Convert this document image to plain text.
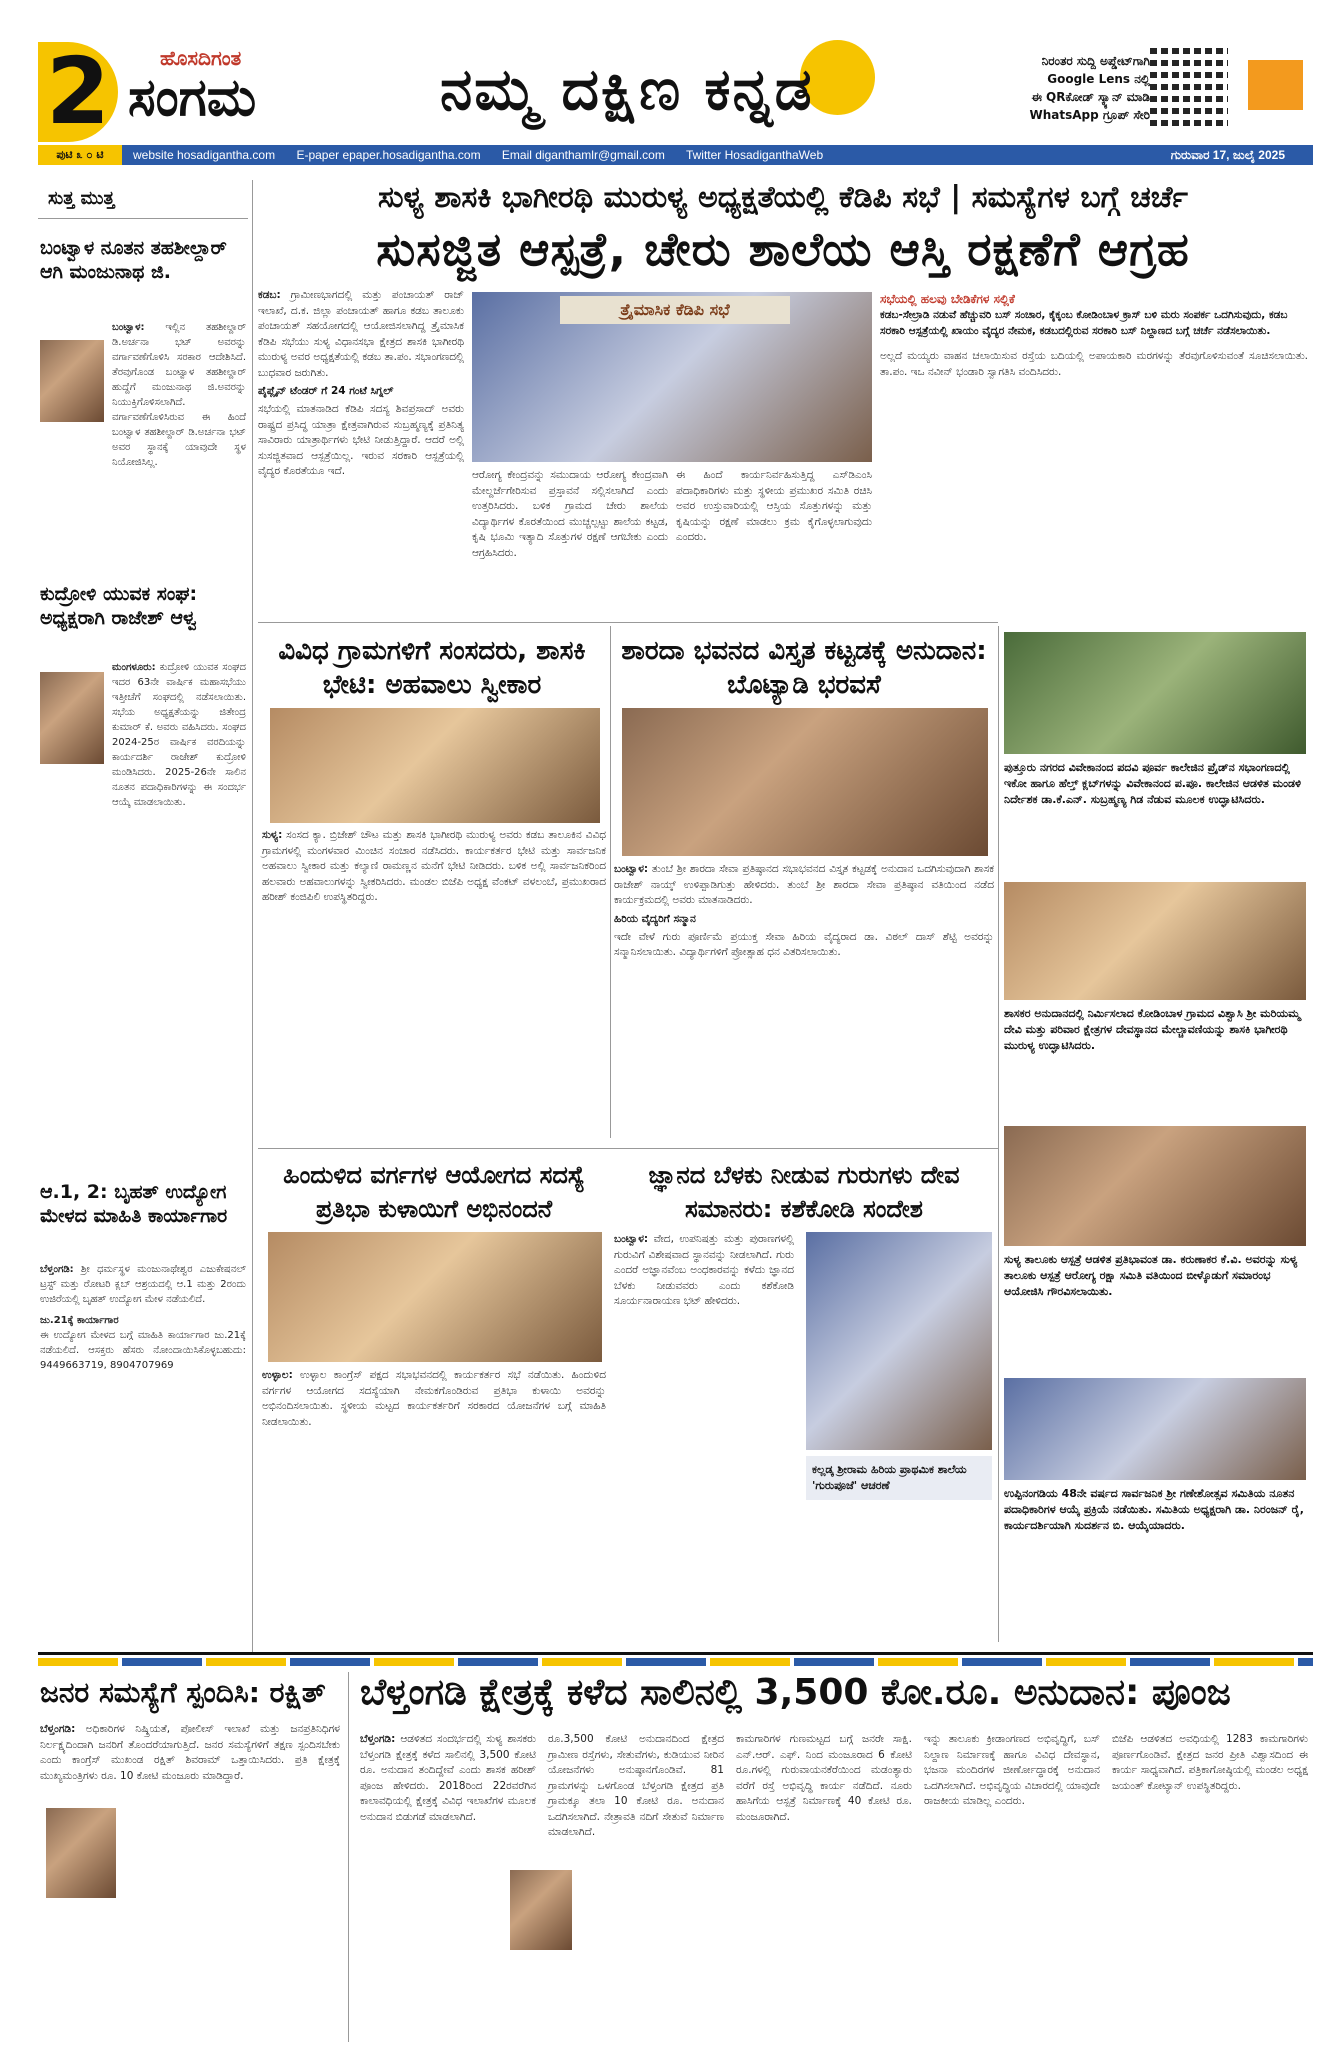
2	ಹೊಸದಿಗಂತ
ಸಂಗಮ	ನಮ್ಮ ದಕ್ಷಿಣ ಕನ್ನಡ	ನಿರಂತರ ಸುದ್ದಿ ಅಪ್ಡೇಟ್‌ಗಾಗಿ
Google Lens ನಲ್ಲಿ
ಈ QRಕೋಡ್ ಸ್ಕ್ಯಾನ್ ಮಾಡಿ
WhatsApp ಗ್ರೂಪ್ ಸೇರಿ
website hosadigantha.com E-paper epaper.hosadigantha.com Email diganthamlr@gmail.com Twitter HosadiganthaWeb	ಗುರುವಾರ 17, ಜುಲೈ 2025
ಪುಟಿ ೩ ೦ ಟಿ
ಸುತ್ತ ಮುತ್ತ
ಬಂಟ್ವಾಳ ನೂತನ ತಹಶೀಲ್ದಾರ್ ಆಗಿ ಮಂಜುನಾಥ ಜಿ.
ಬಂಟ್ವಾಳ: ಇಲ್ಲಿನ ತಹಶೀಲ್ದಾರ್ ಡಿ.ಅರ್ಚನಾ ಭಟ್ ಅವರನ್ನು ವರ್ಗಾವಣೆಗೊಳಿಸಿ ಸರಕಾರ ಆದೇಶಿಸಿದೆ. ತೆರವುಗೊಂಡ ಬಂಟ್ವಾಳ ತಹಶೀಲ್ದಾರ್ ಹುದ್ದೆಗೆ ಮಂಜುನಾಥ ಜಿ.ಅವರನ್ನು ನಿಯುಕ್ತಿಗೊಳಿಸಲಾಗಿದೆ. ವರ್ಗಾವಣೆಗೊಳಿಸಿರುವ ಈ ಹಿಂದೆ ಬಂಟ್ವಾಳ ತಹಶೀಲ್ದಾರ್ ಡಿ.ಅರ್ಚನಾ ಭಟ್ ಅವರ ಸ್ಥಾನಕ್ಕೆ ಯಾವುದೇ ಸ್ಥಳ ನಿಯೋಜಿಸಿಲ್ಲ.
ಕುದ್ರೋಳಿ ಯುವಕ ಸಂಘ: ಅಧ್ಯಕ್ಷರಾಗಿ ರಾಜೇಶ್ ಆಳ್ವ
ಮಂಗಳೂರು: ಕುದ್ರೋಳಿ ಯುವಕ ಸಂಘದ ಇದರ 63ನೇ ವಾರ್ಷಿಕ ಮಹಾಸಭೆಯು ಇತ್ತೀಚೆಗೆ ಸಂಘದಲ್ಲಿ ನಡೆಸಲಾಯಿತು. ಸಭೆಯ ಅಧ್ಯಕ್ಷತೆಯನ್ನು ಜಿತೇಂದ್ರ ಕುಮಾರ್ ಕೆ. ಅವರು ವಹಿಸಿದರು. ಸಂಘದ 2024-25ರ ವಾರ್ಷಿಕ ವರದಿಯನ್ನು ಕಾರ್ಯದರ್ಶಿ ರಾಜೇಶ್ ಕುದ್ರೋಳಿ ಮಂಡಿಸಿದರು. 2025-26ನೇ ಸಾಲಿನ ನೂತನ ಪದಾಧಿಕಾರಿಗಳನ್ನು ಈ ಸಂದರ್ಭ ಆಯ್ಕೆ ಮಾಡಲಾಯಿತು.
ಆ.1, 2: ಬೃಹತ್ ಉದ್ಯೋಗ ಮೇಳದ ಮಾಹಿತಿ ಕಾರ್ಯಾಗಾರ
ಬೆಳ್ತಂಗಡಿ: ಶ್ರೀ ಧರ್ಮಸ್ಥಳ ಮಂಜುನಾಥೇಶ್ವರ ಎಜುಕೇಷನಲ್ ಟ್ರಸ್ಟ್ ಮತ್ತು ರೋಟರಿ ಕ್ಲಬ್ ಆಶ್ರಯದಲ್ಲಿ ಆ.1 ಮತ್ತು 2ರಂದು ಉಜಿರೆಯಲ್ಲಿ ಬೃಹತ್ ಉದ್ಯೋಗ ಮೇಳ ನಡೆಯಲಿದೆ.
ಜು.21ಕ್ಕೆ ಕಾರ್ಯಾಗಾರ
ಈ ಉದ್ಯೋಗ ಮೇಳದ ಬಗ್ಗೆ ಮಾಹಿತಿ ಕಾರ್ಯಾಗಾರ ಜು.21ಕ್ಕೆ ನಡೆಯಲಿದೆ. ಆಸಕ್ತರು ಹೆಸರು ನೋಂದಾಯಿಸಿಕೊಳ್ಳಬಹುದು: 9449663719, 8904707969
ಸುಳ್ಯ ಶಾಸಕಿ ಭಾಗೀರಥಿ ಮುರುಳ್ಯ ಅಧ್ಯಕ್ಷತೆಯಲ್ಲಿ ಕೆಡಿಪಿ ಸಭೆ | ಸಮಸ್ಯೆಗಳ ಬಗ್ಗೆ ಚರ್ಚೆ
ಸುಸಜ್ಜಿತ ಆಸ್ಪತ್ರೆ, ಚೇರು ಶಾಲೆಯ ಆಸ್ತಿ ರಕ್ಷಣೆಗೆ ಆಗ್ರಹ
ಕಡಬ: ಗ್ರಾಮೀಣಭಾಗದಲ್ಲಿ ಮತ್ತು ಪಂಚಾಯತ್ ರಾಜ್ ಇಲಾಖೆ, ದ.ಕ. ಜಿಲ್ಲಾ ಪಂಚಾಯತ್ ಹಾಗೂ ಕಡಬ ತಾಲೂಕು ಪಂಚಾಯತ್ ಸಹಯೋಗದಲ್ಲಿ ಆಯೋಜಿಸಲಾಗಿದ್ದ ತ್ರೈಮಾಸಿಕ ಕೆಡಿಪಿ ಸಭೆಯು ಸುಳ್ಯ ವಿಧಾನಸಭಾ ಕ್ಷೇತ್ರದ ಶಾಸಕಿ ಭಾಗೀರಥಿ ಮುರುಳ್ಯ ಅವರ ಅಧ್ಯಕ್ಷತೆಯಲ್ಲಿ ಕಡಬ ತಾ.ಪಂ. ಸಭಾಂಗಣದಲ್ಲಿ ಬುಧವಾರ ಜರುಗಿತು.
ಪೈಪ್ಲೈನ್ ಟೆಂಡರ್ ಗೆ 24 ಗಂಟೆ ಸಿಗ್ನಲ್
ಸಭೆಯಲ್ಲಿ ಮಾತನಾಡಿದ ಕೆಡಿಪಿ ಸದಸ್ಯ ಶಿವಪ್ರಸಾದ್ ಅವರು ರಾಷ್ಟ್ರದ ಪ್ರಸಿದ್ಧ ಯಾತ್ರಾ ಕ್ಷೇತ್ರವಾಗಿರುವ ಸುಬ್ರಹ್ಮಣ್ಯಕ್ಕೆ ಪ್ರತಿನಿತ್ಯ ಸಾವಿರಾರು ಯಾತ್ರಾರ್ಥಿಗಳು ಭೇಟಿ ನೀಡುತ್ತಿದ್ದಾರೆ. ಆದರೆ ಅಲ್ಲಿ ಸುಸಜ್ಜಿತವಾದ ಆಸ್ಪತ್ರೆಯಿಲ್ಲ. ಇರುವ ಸರಕಾರಿ ಆಸ್ಪತ್ರೆಯಲ್ಲಿ ವೈದ್ಯರ ಕೊರತೆಯೂ ಇದೆ.
ತ್ರೈಮಾಸಿಕ ಕೆಡಿಪಿ ಸಭೆ
ಆರೋಗ್ಯ ಕೇಂದ್ರವನ್ನು ಸಮುದಾಯ ಆರೋಗ್ಯ ಕೇಂದ್ರವಾಗಿ ಮೇಲ್ದರ್ಜೆಗೇರಿಸುವ ಪ್ರಸ್ತಾವನೆ ಸಲ್ಲಿಸಲಾಗಿದೆ ಎಂದು ಉತ್ತರಿಸಿದರು. ಬಳಿಕ ಗ್ರಾಮದ ಚೇರು ಶಾಲೆಯ ವಿದ್ಯಾರ್ಥಿಗಳ ಕೊರತೆಯಿಂದ ಮುಚ್ಚಲ್ಪಟ್ಟು ಶಾಲೆಯ ಕಟ್ಟಡ, ಕೃಷಿ ಭೂಮಿ ಇತ್ಯಾದಿ ಸೊತ್ತುಗಳ ರಕ್ಷಣೆ ಆಗಬೇಕು ಎಂದು ಆಗ್ರಹಿಸಿದರು.
ಈ ಹಿಂದೆ ಕಾರ್ಯನಿರ್ವಹಿಸುತ್ತಿದ್ದ ಎಸ್‌ಡಿಎಂಸಿ ಪದಾಧಿಕಾರಿಗಳು ಮತ್ತು ಸ್ಥಳೀಯ ಪ್ರಮುಖರ ಸಮಿತಿ ರಚಿಸಿ ಅವರ ಉಸ್ತುವಾರಿಯಲ್ಲಿ ಆಸ್ತಿಯ ಸೊತ್ತುಗಳನ್ನು ಮತ್ತು ಕೃಷಿಯನ್ನು ರಕ್ಷಣೆ ಮಾಡಲು ಕ್ರಮ ಕೈಗೊಳ್ಳಲಾಗುವುದು ಎಂದರು.
ಸಭೆಯಲ್ಲಿ ಹಲವು ಬೇಡಿಕೆಗಳ ಸಲ್ಲಿಕೆ
ಕಡಬ-ಸೇಲ್ರಾಡಿ ನಡುವೆ ಹೆಚ್ಚುವರಿ ಬಸ್ ಸಂಚಾರ, ಕೈಕ್ಕಂಬ ಕೋಡಿಂಬಾಳ ಕ್ರಾಸ್ ಬಳಿ ಮರು ಸಂಪರ್ಕ ಒದಗಿಸುವುದು, ಕಡಬ ಸರಕಾರಿ ಆಸ್ಪತ್ರೆಯಲ್ಲಿ ಖಾಯಂ ವೈದ್ಯರ ನೇಮಕ, ಕಡಬದಲ್ಲಿರುವ ಸರಕಾರಿ ಬಸ್ ನಿಲ್ದಾಣದ ಬಗ್ಗೆ ಚರ್ಚೆ ನಡೆಸಲಾಯಿತು.
ಅಲ್ಲದೆ ಮಯ್ಯರು ವಾಹನ ಚಲಾಯಿಸುವ ರಸ್ತೆಯ ಬದಿಯಲ್ಲಿ ಅಪಾಯಕಾರಿ ಮರಗಳನ್ನು ತೆರವುಗೊಳಿಸುವಂತೆ ಸೂಚಿಸಲಾಯಿತು. ತಾ.ಪಂ. ಇಒ ನವೀನ್ ಭಂಡಾರಿ ಸ್ವಾಗತಿಸಿ ವಂದಿಸಿದರು.
ವಿವಿಧ ಗ್ರಾಮಗಳಿಗೆ ಸಂಸದರು, ಶಾಸಕಿ ಭೇಟಿ: ಅಹವಾಲು ಸ್ವೀಕಾರ
ಸುಳ್ಯ: ಸಂಸದ ಕ್ಯಾ. ಬ್ರಿಜೇಶ್ ಚೌಟ ಮತ್ತು ಶಾಸಕಿ ಭಾಗೀರಥಿ ಮುರುಳ್ಯ ಅವರು ಕಡಬ ತಾಲೂಕಿನ ವಿವಿಧ ಗ್ರಾಮಗಳಲ್ಲಿ ಮಂಗಳವಾರ ಮಿಂಚಿನ ಸಂಚಾರ ನಡೆಸಿದರು. ಕಾರ್ಯಕರ್ತರ ಭೇಟಿ ಮತ್ತು ಸಾರ್ವಜನಿಕ ಅಹವಾಲು ಸ್ವೀಕಾರ ಮತ್ತು ಕಲ್ಯಾಣಿ ರಾಮಣ್ಣನ ಮನೆಗೆ ಭೇಟಿ ನೀಡಿದರು. ಬಳಿಕ ಅಲ್ಲಿ ಸಾರ್ವಜನಿಕರಿಂದ ಹಲವಾರು ಅಹವಾಲುಗಳನ್ನು ಸ್ವೀಕರಿಸಿದರು. ಮಂಡಲ ಬಿಜೆಪಿ ಅಧ್ಯಕ್ಷ ವೆಂಕಟ್ ವಳಲಂಬೆ, ಪ್ರಮುಖರಾದ ಹರೀಶ್ ಕಂಜಿಪಿಲಿ ಉಪಸ್ಥಿತರಿದ್ದರು.
ಶಾರದಾ ಭವನದ ವಿಸ್ತೃತ ಕಟ್ಟಡಕ್ಕೆ ಅನುದಾನ: ಬೊಟ್ಯಾಡಿ ಭರವಸೆ
ಬಂಟ್ವಾಳ: ತುಂಬೆ ಶ್ರೀ ಶಾರದಾ ಸೇವಾ ಪ್ರತಿಷ್ಠಾನದ ಸಭಾಭವನದ ವಿಸ್ತೃತ ಕಟ್ಟಡಕ್ಕೆ ಅನುದಾನ ಒದಗಿಸುವುದಾಗಿ ಶಾಸಕ ರಾಜೇಶ್ ನಾಯ್ಕ್ ಉಳಿಪ್ಪಾಡಿಗುತ್ತು ಹೇಳಿದರು. ತುಂಬೆ ಶ್ರೀ ಶಾರದಾ ಸೇವಾ ಪ್ರತಿಷ್ಠಾನ ವತಿಯಿಂದ ನಡೆದ ಕಾರ್ಯಕ್ರಮದಲ್ಲಿ ಅವರು ಮಾತನಾಡಿದರು.
ಹಿರಿಯ ವೈದ್ಯರಿಗೆ ಸನ್ಮಾನ
ಇದೇ ವೇಳೆ ಗುರು ಪೂರ್ಣಿಮೆ ಪ್ರಯುಕ್ತ ಸೇವಾ ಹಿರಿಯ ವೈದ್ಯರಾದ ಡಾ. ವಿಠಲ್ ದಾಸ್ ಶೆಟ್ಟಿ ಅವರನ್ನು ಸನ್ಮಾನಿಸಲಾಯಿತು. ವಿದ್ಯಾರ್ಥಿಗಳಿಗೆ ಪ್ರೋತ್ಸಾಹ ಧನ ವಿತರಿಸಲಾಯಿತು.
ಪುತ್ತೂರು ನಗರದ ವಿವೇಕಾನಂದ ಪದವಿ ಪೂರ್ವ ಕಾಲೇಜಿನ ಪ್ರೈಡ್‌ನ ಸಭಾಂಗಣದಲ್ಲಿ ಇಕೋ ಹಾಗೂ ಹೆಲ್ತ್ ಕ್ಲಬ್‌ಗಳನ್ನು ವಿವೇಕಾನಂದ ಪ.ಪೂ. ಕಾಲೇಜಿನ ಆಡಳಿತ ಮಂಡಳಿ ನಿರ್ದೇಶಕ ಡಾ.ಕೆ.ಎನ್. ಸುಬ್ರಹ್ಮಣ್ಯ ಗಿಡ ನೆಡುವ ಮೂಲಕ ಉದ್ಘಾಟಿಸಿದರು.
ಶಾಸಕರ ಅನುದಾನದಲ್ಲಿ ನಿರ್ಮಿಸಲಾದ ಕೋಡಿಂಬಾಳ ಗ್ರಾಮದ ವಿಶ್ವಾಸಿ ಶ್ರೀ ಮರಿಯಮ್ಮ ದೇವಿ ಮತ್ತು ಪರಿವಾರ ಕ್ಷೇತ್ರಗಳ ದೇವಸ್ಥಾನದ ಮೇಲ್ಚಾವಣಿಯನ್ನು ಶಾಸಕಿ ಭಾಗೀರಥಿ ಮುರುಳ್ಯ ಉದ್ಘಾಟಿಸಿದರು.
ಸುಳ್ಯ ತಾಲೂಕು ಆಸ್ಪತ್ರೆ ಆಡಳಿತ ಪ್ರತಿಭಾವಂತ ಡಾ. ಕರುಣಾಕರ ಕೆ.ವಿ. ಅವರನ್ನು ಸುಳ್ಯ ತಾಲೂಕು ಆಸ್ಪತ್ರೆ ಆರೋಗ್ಯ ರಕ್ಷಾ ಸಮಿತಿ ವತಿಯಿಂದ ಬೀಳ್ಕೊಡುಗೆ ಸಮಾರಂಭ ಆಯೋಜಿಸಿ ಗೌರವಿಸಲಾಯಿತು.
ಉಪ್ಪಿನಂಗಡಿಯ 48ನೇ ವರ್ಷದ ಸಾರ್ವಜನಿಕ ಶ್ರೀ ಗಣೇಶೋತ್ಸವ ಸಮಿತಿಯ ನೂತನ ಪದಾಧಿಕಾರಿಗಳ ಆಯ್ಕೆ ಪ್ರಕ್ರಿಯೆ ನಡೆಯಿತು. ಸಮಿತಿಯ ಅಧ್ಯಕ್ಷರಾಗಿ ಡಾ. ನಿರಂಜನ್ ರೈ, ಕಾರ್ಯದರ್ಶಿಯಾಗಿ ಸುದರ್ಶನ ಬಿ. ಆಯ್ಕೆಯಾದರು.
ಹಿಂದುಳಿದ ವರ್ಗಗಳ ಆಯೋಗದ ಸದಸ್ಯೆ ಪ್ರತಿಭಾ ಕುಳಾಯಿಗೆ ಅಭಿನಂದನೆ
ಉಳ್ಳಾಲ: ಉಳ್ಳಾಲ ಕಾಂಗ್ರೆಸ್ ಪಕ್ಷದ ಸಭಾಭವನದಲ್ಲಿ ಕಾರ್ಯಕರ್ತರ ಸಭೆ ನಡೆಯಿತು. ಹಿಂದುಳಿದ ವರ್ಗಗಳ ಆಯೋಗದ ಸದಸ್ಯೆಯಾಗಿ ನೇಮಕಗೊಂಡಿರುವ ಪ್ರತಿಭಾ ಕುಳಾಯಿ ಅವರನ್ನು ಅಭಿನಂದಿಸಲಾಯಿತು. ಸ್ಥಳೀಯ ಮಟ್ಟದ ಕಾರ್ಯಕರ್ತರಿಗೆ ಸರಕಾರದ ಯೋಜನೆಗಳ ಬಗ್ಗೆ ಮಾಹಿತಿ ನೀಡಲಾಯಿತು.
ಜ್ಞಾನದ ಬೆಳಕು ನೀಡುವ ಗುರುಗಳು ದೇವ ಸಮಾನರು: ಕಶೆಕೋಡಿ ಸಂದೇಶ
ಬಂಟ್ವಾಳ: ವೇದ, ಉಪನಿಷತ್ತು ಮತ್ತು ಪುರಾಣಗಳಲ್ಲಿ ಗುರುವಿಗೆ ವಿಶೇಷವಾದ ಸ್ಥಾನವನ್ನು ನೀಡಲಾಗಿದೆ. ಗುರು ಎಂದರೆ ಅಜ್ಞಾನವೆಂಬ ಅಂಧಕಾರವನ್ನು ಕಳೆದು ಜ್ಞಾನದ ಬೆಳಕು ನೀಡುವವರು ಎಂದು ಕಶೆಕೋಡಿ ಸೂರ್ಯನಾರಾಯಣ ಭಟ್ ಹೇಳಿದರು.
ಕಲ್ಲಡ್ಕ ಶ್ರೀರಾಮ ಹಿರಿಯ ಪ್ರಾಥಮಿಕ ಶಾಲೆಯ 'ಗುರುಪೂಜೆ' ಆಚರಣೆ
ಜನರ ಸಮಸ್ಯೆಗೆ ಸ್ಪಂದಿಸಿ: ರಕ್ಷಿತ್
ಬೆಳ್ತಂಗಡಿ: ಅಧಿಕಾರಿಗಳ ನಿಷ್ಕ್ರಿಯತೆ, ಪೋಲೀಸ್ ಇಲಾಖೆ ಮತ್ತು ಜನಪ್ರತಿನಿಧಿಗಳ ನಿರ್ಲಕ್ಷ್ಯದಿಂದಾಗಿ ಜನರಿಗೆ ತೊಂದರೆಯಾಗುತ್ತಿದೆ. ಜನರ ಸಮಸ್ಯೆಗಳಿಗೆ ತಕ್ಷಣ ಸ್ಪಂದಿಸಬೇಕು ಎಂದು ಕಾಂಗ್ರೆಸ್ ಮುಖಂಡ ರಕ್ಷಿತ್ ಶಿವರಾಮ್ ಒತ್ತಾಯಿಸಿದರು. ಪ್ರತಿ ಕ್ಷೇತ್ರಕ್ಕೆ ಮುಖ್ಯಮಂತ್ರಿಗಳು ರೂ. 10 ಕೋಟಿ ಮಂಜೂರು ಮಾಡಿದ್ದಾರೆ.
ಬೆಳ್ತಂಗಡಿ ಕ್ಷೇತ್ರಕ್ಕೆ ಕಳೆದ ಸಾಲಿನಲ್ಲಿ 3,500 ಕೋ.ರೂ. ಅನುದಾನ: ಪೂಂಜ
ಬೆಳ್ತಂಗಡಿ: ಆಡಳಿತದ ಸಂದರ್ಭದಲ್ಲಿ ಸುಳ್ಯ ಶಾಸಕರು ಬೆಳ್ತಂಗಡಿ ಕ್ಷೇತ್ರಕ್ಕೆ ಕಳೆದ ಸಾಲಿನಲ್ಲಿ 3,500 ಕೋಟಿ ರೂ. ಅನುದಾನ ತಂದಿದ್ದೇವೆ ಎಂದು ಶಾಸಕ ಹರೀಶ್ ಪೂಂಜ ಹೇಳಿದರು. 2018ರಿಂದ 22ರವರೆಗಿನ ಕಾಲಾವಧಿಯಲ್ಲಿ ಕ್ಷೇತ್ರಕ್ಕೆ ವಿವಿಧ ಇಲಾಖೆಗಳ ಮೂಲಕ ಅನುದಾನ ಬಿಡುಗಡೆ ಮಾಡಲಾಗಿದೆ.
ರೂ.3,500 ಕೋಟಿ ಅನುದಾನದಿಂದ ಕ್ಷೇತ್ರದ ಗ್ರಾಮೀಣ ರಸ್ತೆಗಳು, ಸೇತುವೆಗಳು, ಕುಡಿಯುವ ನೀರಿನ ಯೋಜನೆಗಳು ಅನುಷ್ಠಾನಗೊಂಡಿವೆ. 81 ಗ್ರಾಮಗಳನ್ನು ಒಳಗೊಂಡ ಬೆಳ್ತಂಗಡಿ ಕ್ಷೇತ್ರದ ಪ್ರತಿ ಗ್ರಾಮಕ್ಕೂ ತಲಾ 10 ಕೋಟಿ ರೂ. ಅನುದಾನ ಒದಗಿಸಲಾಗಿದೆ. ನೇತ್ರಾವತಿ ನದಿಗೆ ಸೇತುವೆ ನಿರ್ಮಾಣ ಮಾಡಲಾಗಿದೆ.
ಕಾಮಗಾರಿಗಳ ಗುಣಮಟ್ಟದ ಬಗ್ಗೆ ಜನರೇ ಸಾಕ್ಷಿ. ಎನ್.ಆರ್. ಎಫ್. ನಿಂದ ಮಂಜೂರಾದ 6 ಕೋಟಿ ರೂ.ಗಳಲ್ಲಿ ಗುರುವಾಯನಕೆರೆಯಿಂದ ಮಡಂತ್ಯಾರು ವರೆಗೆ ರಸ್ತೆ ಅಭಿವೃದ್ಧಿ ಕಾರ್ಯ ನಡೆದಿದೆ. ನೂರು ಹಾಸಿಗೆಯ ಆಸ್ಪತ್ರೆ ನಿರ್ಮಾಣಕ್ಕೆ 40 ಕೋಟಿ ರೂ. ಮಂಜೂರಾಗಿದೆ.
ಇನ್ನು ತಾಲೂಕು ಕ್ರೀಡಾಂಗಣದ ಅಭಿವೃದ್ಧಿಗೆ, ಬಸ್ ನಿಲ್ದಾಣ ನಿರ್ಮಾಣಕ್ಕೆ ಹಾಗೂ ವಿವಿಧ ದೇವಸ್ಥಾನ, ಭಜನಾ ಮಂದಿರಗಳ ಜೀರ್ಣೋದ್ಧಾರಕ್ಕೆ ಅನುದಾನ ಒದಗಿಸಲಾಗಿದೆ. ಅಭಿವೃದ್ಧಿಯ ವಿಚಾರದಲ್ಲಿ ಯಾವುದೇ ರಾಜಕೀಯ ಮಾಡಿಲ್ಲ ಎಂದರು.
ಬಿಜೆಪಿ ಆಡಳಿತದ ಅವಧಿಯಲ್ಲಿ 1283 ಕಾಮಗಾರಿಗಳು ಪೂರ್ಣಗೊಂಡಿವೆ. ಕ್ಷೇತ್ರದ ಜನರ ಪ್ರೀತಿ ವಿಶ್ವಾಸದಿಂದ ಈ ಕಾರ್ಯ ಸಾಧ್ಯವಾಗಿದೆ. ಪತ್ರಿಕಾಗೋಷ್ಠಿಯಲ್ಲಿ ಮಂಡಲ ಅಧ್ಯಕ್ಷ ಜಯಂತ್ ಕೋಟ್ಯಾನ್ ಉಪಸ್ಥಿತರಿದ್ದರು.
